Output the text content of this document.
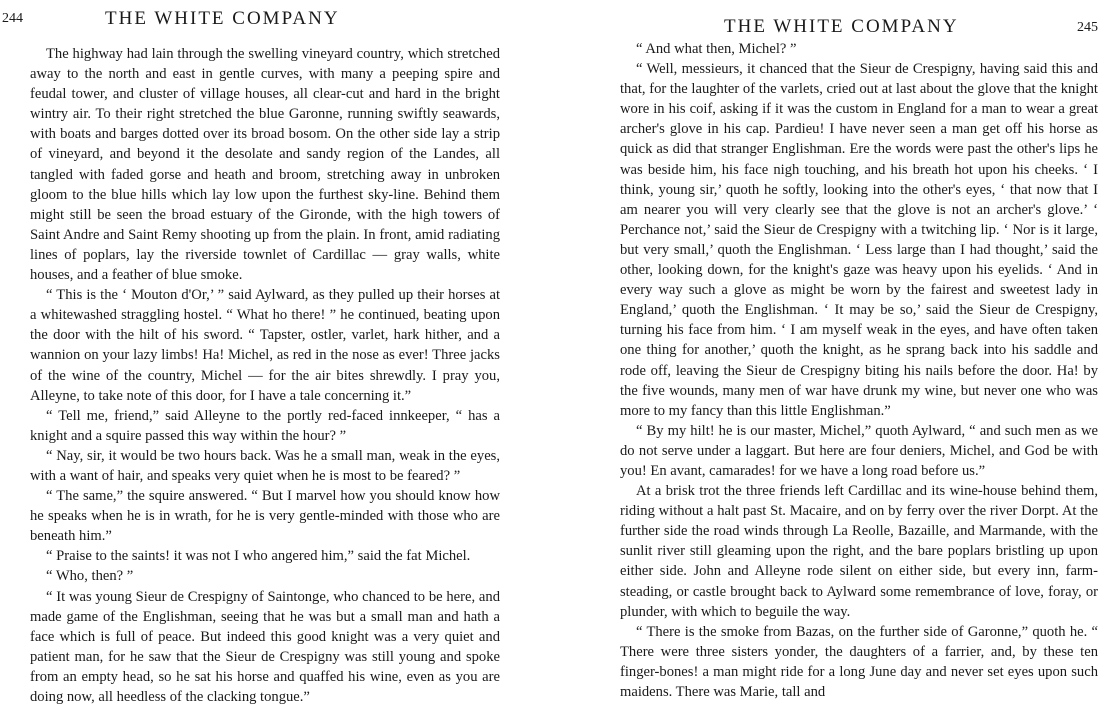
244	THE WHITE COMPANY

The highway had lain through the swelling vineyard country, which stretched away to the north and east in gentle curves, with many a peeping spire and feudal tower, and cluster of village houses, all clear-cut and hard in the bright wintry air. To their right stretched the blue Garonne, running swiftly seawards, with boats and barges dotted over its broad bosom. On the other side lay a strip of vineyard, and beyond it the desolate and sandy region of the Landes, all tangled with faded gorse and heath and broom, stretching away in unbroken gloom to the blue hills which lay low upon the furthest sky-line. Behind them might still be seen the broad estuary of the Gironde, with the high towers of Saint Andre and Saint Remy shooting up from the plain. In front, amid radiating lines of poplars, lay the riverside townlet of Cardillac — gray walls, white houses, and a feather of blue smoke.

“ This is the ‘ Mouton d'Or,’ ” said Aylward, as they pulled up their horses at a whitewashed straggling hostel. “ What ho there! ” he continued, beating upon the door with the hilt of his sword. “ Tapster, ostler, varlet, hark hither, and a wannion on your lazy limbs! Ha! Michel, as red in the nose as ever! Three jacks of the wine of the country, Michel — for the air bites shrewdly. I pray you, Alleyne, to take note of this door, for I have a tale concerning it.”

“ Tell me, friend,” said Alleyne to the portly red-faced innkeeper, “ has a knight and a squire passed this way within the hour? ”

“ Nay, sir, it would be two hours back. Was he a small man, weak in the eyes, with a want of hair, and speaks very quiet when he is most to be feared? ”

“ The same,” the squire answered. “ But I marvel how you should know how he speaks when he is in wrath, for he is very gentle-minded with those who are beneath him.”

“ Praise to the saints! it was not I who angered him,” said the fat Michel.

“ Who, then? ”

“ It was young Sieur de Crespigny of Saintonge, who chanced to be here, and made game of the Englishman, seeing that he was but a small man and hath a face which is full of peace. But indeed this good knight was a very quiet and patient man, for he saw that the Sieur de Crespigny was still young and spoke from an empty head, so he sat his horse and quaffed his wine, even as you are doing now, all heedless of the clacking tongue.”

THE WHITE COMPANY	245

“ And what then, Michel? ”

“ Well, messieurs, it chanced that the Sieur de Crespigny, having said this and that, for the laughter of the varlets, cried out at last about the glove that the knight wore in his coif, asking if it was the custom in England for a man to wear a great archer's glove in his cap. Pardieu! I have never seen a man get off his horse as quick as did that stranger Englishman. Ere the words were past the other's lips he was beside him, his face nigh touching, and his breath hot upon his cheeks. ‘ I think, young sir,’ quoth he softly, looking into the other's eyes, ‘ that now that I am nearer you will very clearly see that the glove is not an archer's glove.’ ‘ Perchance not,’ said the Sieur de Crespigny with a twitching lip. ‘ Nor is it large, but very small,’ quoth the Englishman. ‘ Less large than I had thought,’ said the other, looking down, for the knight's gaze was heavy upon his eyelids. ‘ And in every way such a glove as might be worn by the fairest and sweetest lady in England,’ quoth the Englishman. ‘ It may be so,’ said the Sieur de Crespigny, turning his face from him. ‘ I am myself weak in the eyes, and have often taken one thing for another,’ quoth the knight, as he sprang back into his saddle and rode off, leaving the Sieur de Crespigny biting his nails before the door. Ha! by the five wounds, many men of war have drunk my wine, but never one who was more to my fancy than this little Englishman.”

“ By my hilt! he is our master, Michel,” quoth Aylward, “ and such men as we do not serve under a laggart. But here are four deniers, Michel, and God be with you! En avant, camarades! for we have a long road before us.”

At a brisk trot the three friends left Cardillac and its wine-house behind them, riding without a halt past St. Macaire, and on by ferry over the river Dorpt. At the further side the road winds through La Reolle, Bazaille, and Marmande, with the sunlit river still gleaming upon the right, and the bare poplars bristling up upon either side. John and Alleyne rode silent on either side, but every inn, farm-steading, or castle brought back to Aylward some remembrance of love, foray, or plunder, with which to beguile the way.

“ There is the smoke from Bazas, on the further side of Garonne,” quoth he. “ There were three sisters yonder, the daughters of a farrier, and, by these ten finger-bones! a man might ride for a long June day and never set eyes upon such maidens. There was Marie, tall and
